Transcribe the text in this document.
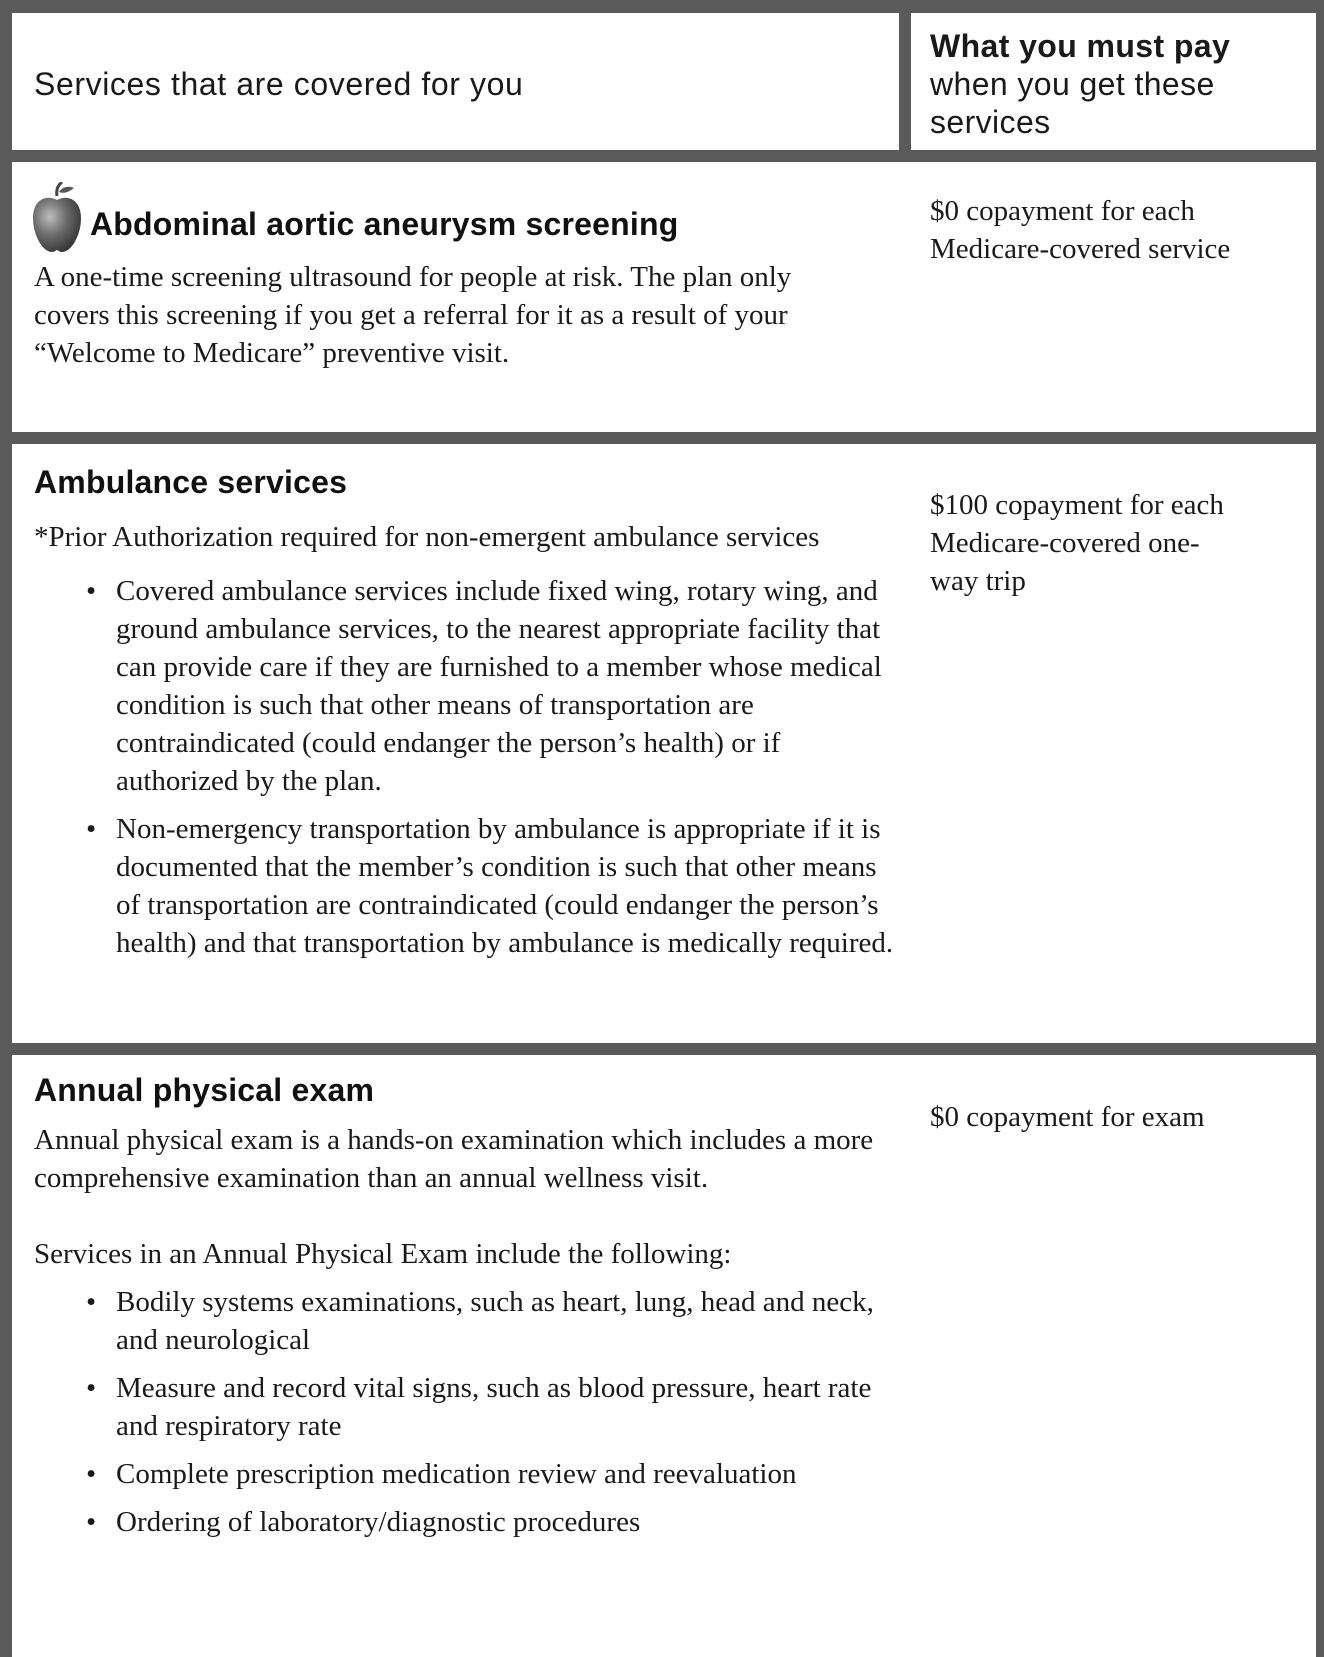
Services that are covered for you
What you must pay
when you get these services
Abdominal aortic aneurysm screening
A one-time screening ultrasound for people at risk. The plan only covers this screening if you get a referral for it as a result of your “Welcome to Medicare” preventive visit.
$0 copayment for each Medicare-covered service
Ambulance services
*Prior Authorization required for non-emergent ambulance services
• Covered ambulance services include fixed wing, rotary wing, and ground ambulance services, to the nearest appropriate facility that can provide care if they are furnished to a member whose medical condition is such that other means of transportation are contraindicated (could endanger the person’s health) or if authorized by the plan.
• Non-emergency transportation by ambulance is appropriate if it is documented that the member’s condition is such that other means of transportation are contraindicated (could endanger the person’s health) and that transportation by ambulance is medically required.
$100 copayment for each Medicare-covered one-way trip
Annual physical exam
Annual physical exam is a hands-on examination which includes a more comprehensive examination than an annual wellness visit.
Services in an Annual Physical Exam include the following:
• Bodily systems examinations, such as heart, lung, head and neck, and neurological
• Measure and record vital signs, such as blood pressure, heart rate and respiratory rate
• Complete prescription medication review and reevaluation
• Ordering of laboratory/diagnostic procedures
$0 copayment for exam
